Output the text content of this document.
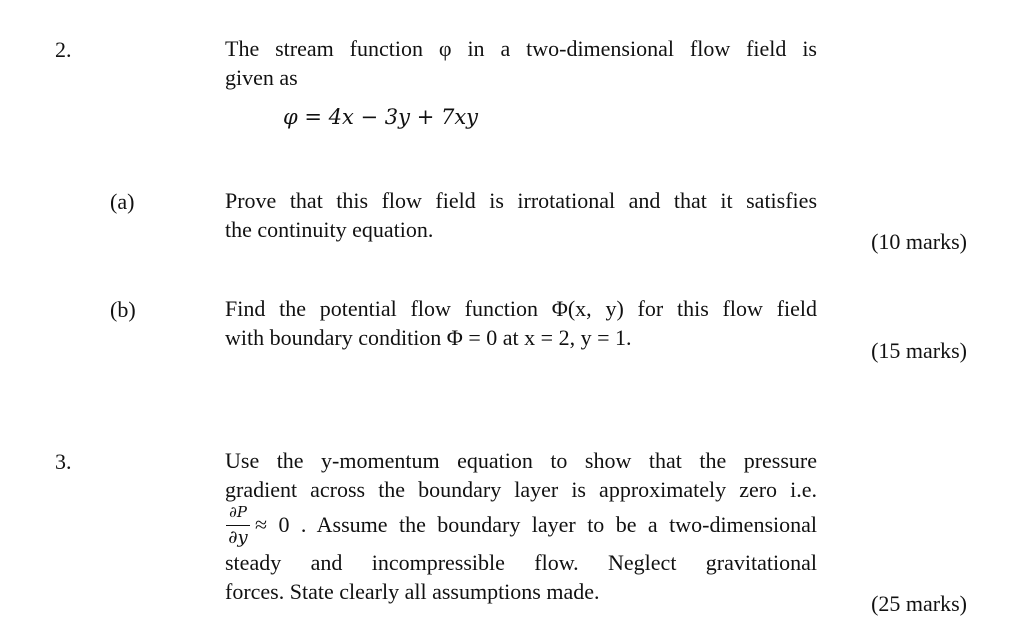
2.	The stream function φ in a two-dimensional flow field is
given as
φ = 4x − 3y + 7xy
(a)	Prove that this flow field is irrotational and that it satisfies
the continuity equation.	(10 marks)
(b)	Find the potential flow function Φ(x, y) for this flow field
with boundary condition Φ = 0 at x = 2, y = 1.
(15 marks)
3.	Use the y-momentum equation to show that the pressure
gradient across the boundary layer is approximately zero i.e.
∂P
∂y
≈ 0 . Assume the boundary layer to be a two-dimensional
steady and incompressible flow. Neglect gravitational
forces. State clearly all assumptions made.	(25 marks)
